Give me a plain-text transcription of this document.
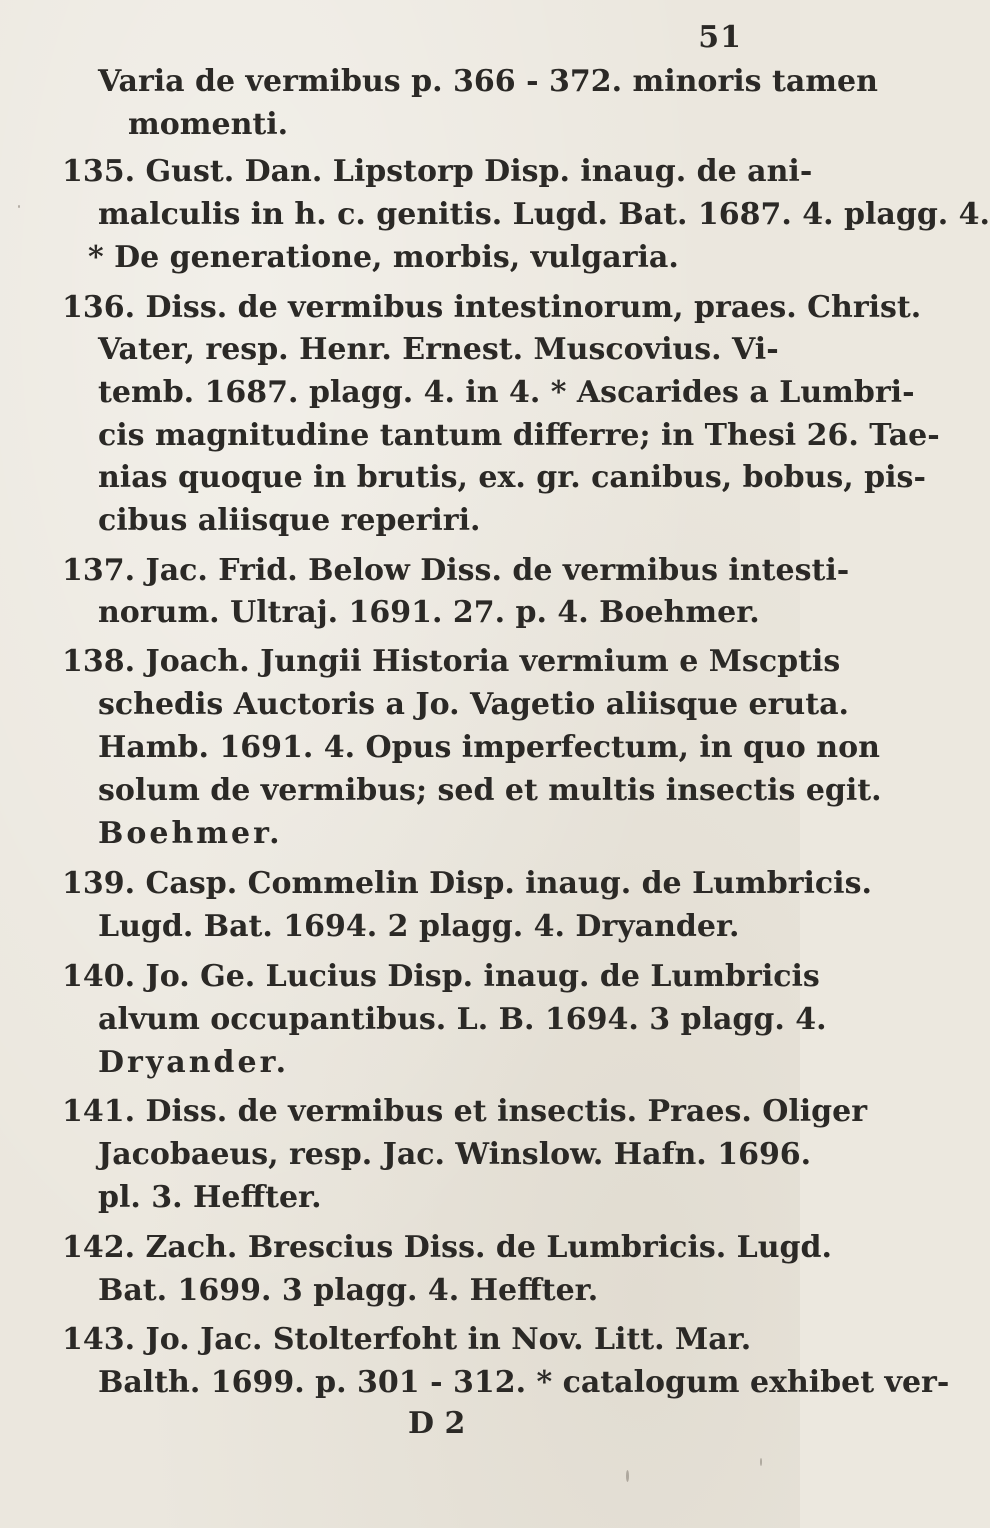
51
Varia de vermibus p. 366 - 372. minoris tamen
momenti.
135. Gust. Dan. Lipstorp Disp. inaug. de ani-
malculis in h. c. genitis. Lugd. Bat. 1687. 4. plagg. 4.
* De generatione, morbis, vulgaria.
136. Diss. de vermibus intestinorum, praes. Christ.
Vater, resp. Henr. Ernest. Muscovius. Vi-
temb. 1687. plagg. 4. in 4. * Ascarides a Lumbri-
cis magnitudine tantum differre; in Thesi 26. Tae-
nias quoque in brutis, ex. gr. canibus, bobus, pis-
cibus aliisque reperiri.
137. Jac. Frid. Below Diss. de vermibus intesti-
norum. Ultraj. 1691. 27. p. 4. Boehmer.
138. Joach. Jungii Historia vermium e Mscptis
schedis Auctoris a Jo. Vagetio aliisque eruta.
Hamb. 1691. 4. Opus imperfectum, in quo non
solum de vermibus; sed et multis insectis egit.
Boehmer.
139. Casp. Commelin Disp. inaug. de Lumbricis.
Lugd. Bat. 1694. 2 plagg. 4. Dryander.
140. Jo. Ge. Lucius Disp. inaug. de Lumbricis
alvum occupantibus. L. B. 1694. 3 plagg. 4.
Dryander.
141. Diss. de vermibus et insectis. Praes. Oliger
Jacobaeus, resp. Jac. Winslow. Hafn. 1696.
pl. 3. Heffter.
142. Zach. Brescius Diss. de Lumbricis. Lugd.
Bat. 1699. 3 plagg. 4. Heffter.
143. Jo. Jac. Stolterfoht in Nov. Litt. Mar.
Balth. 1699. p. 301 - 312. * catalogum exhibet ver-
D 2
